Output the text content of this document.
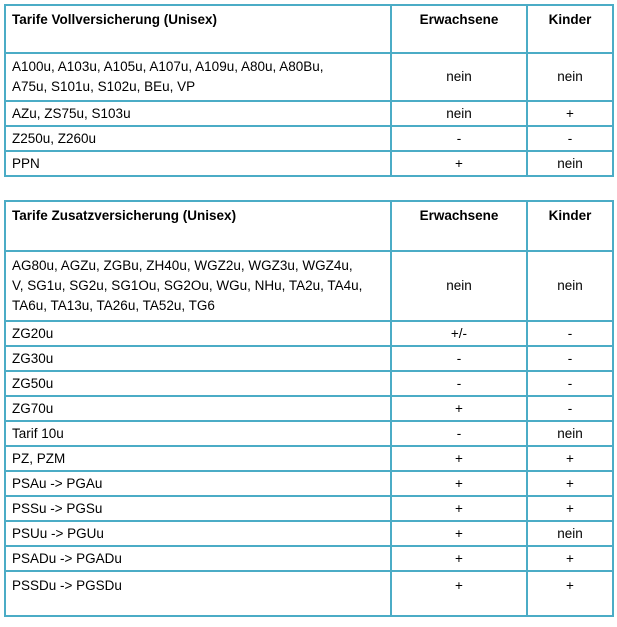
Tarife Vollversicherung (Unisex)	Erwachsene	Kinder
A100u, A103u, A105u, A107u, A109u, A80u, A80Bu,
A75u, S101u, S102u, BEu, VP	nein	nein
AZu, ZS75u, S103u	nein	+
Z250u, Z260u	-	-
PPN	+	nein
Tarife Zusatzversicherung (Unisex)	Erwachsene	Kinder
AG80u, AGZu, ZGBu, ZH40u, WGZ2u, WGZ3u, WGZ4u,
V, SG1u, SG2u, SG1Ou, SG2Ou, WGu, NHu, TA2u, TA4u,
TA6u, TA13u, TA26u, TA52u, TG6	nein	nein
ZG20u	+/-	-
ZG30u	-	-
ZG50u	-	-
ZG70u	+	-
Tarif 10u	-	nein
PZ, PZM	+	+
PSAu -> PGAu	+	+
PSSu -> PGSu	+	+
PSUu -> PGUu	+	nein
PSADu -> PGADu	+	+
PSSDu -> PGSDu	+	+
